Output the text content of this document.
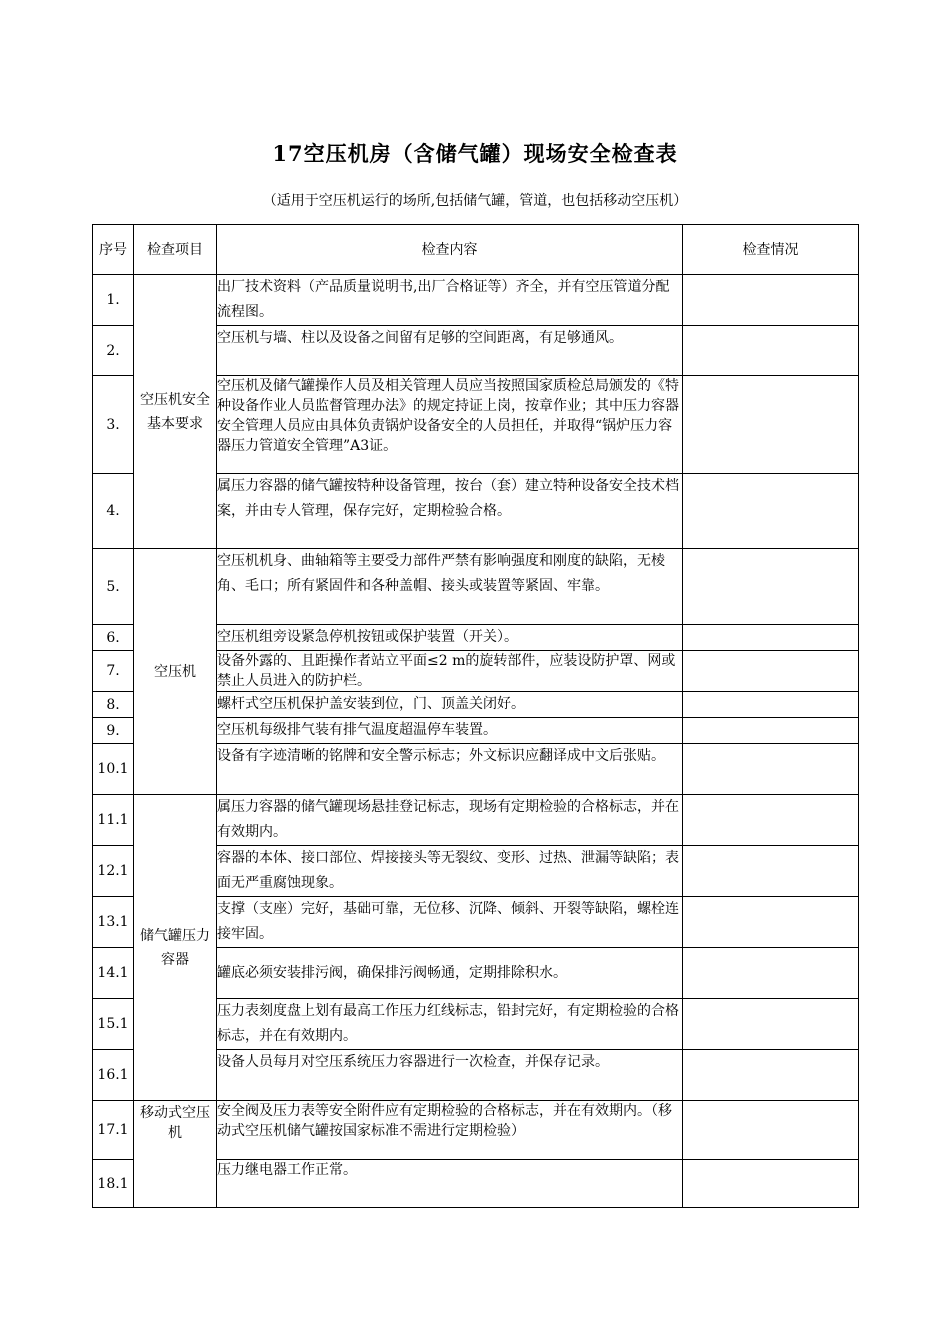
17空压机房（含储气罐）现场安全检查表
（适用于空压机运行的场所,包括储气罐，管道，也包括移动空压机）
序号	检查项目	检查内容	检查情况
1.	空压机安全基本要求	出厂技术资料（产品质量说明书,出厂合格证等）齐全，并有空压管道分配流程图。	
2.		空压机与墙、柱以及设备之间留有足够的空间距离，有足够通风。	
3.		空压机及储气罐操作人员及相关管理人员应当按照国家质检总局颁发的《特种设备作业人员监督管理办法》的规定持证上岗，按章作业；其中压力容器安全管理人员应由具体负责锅炉设备安全的人员担任，并取得“锅炉压力容器压力管道安全管理”A3证。	
4.		属压力容器的储气罐按特种设备管理，按台（套）建立特种设备安全技术档案，并由专人管理，保存完好，定期检验合格。	
5.	空压机	空压机机身、曲轴箱等主要受力部件严禁有影响强度和刚度的缺陷，无棱角、毛口；所有紧固件和各种盖帽、接头或装置等紧固、牢靠。	
6.		空压机组旁设紧急停机按钮或保护装置（开关）。	
7.		设备外露的、且距操作者站立平面≤2 m的旋转部件，应装设防护罩、网或禁止人员进入的防护栏。	
8.		螺杆式空压机保护盖安装到位，门、顶盖关闭好。	
9.		空压机每级排气装有排气温度超温停车装置。	
10.1		设备有字迹清晰的铭牌和安全警示标志；外文标识应翻译成中文后张贴。	
11.1	储气罐压力容器	属压力容器的储气罐现场悬挂登记标志，现场有定期检验的合格标志，并在有效期内。	
12.1		容器的本体、接口部位、焊接接头等无裂纹、变形、过热、泄漏等缺陷；表面无严重腐蚀现象。	
13.1		支撑（支座）完好，基础可靠，无位移、沉降、倾斜、开裂等缺陷，螺栓连接牢固。	
14.1		罐底必须安装排污阀，确保排污阀畅通，定期排除积水。	
15.1		压力表刻度盘上划有最高工作压力红线标志，铅封完好，有定期检验的合格标志，并在有效期内。	
16.1		设备人员每月对空压系统压力容器进行一次检查，并保存记录。	
17.1	移动式空压机	安全阀及压力表等安全附件应有定期检验的合格标志，并在有效期内。（移动式空压机储气罐按国家标准不需进行定期检验）	
18.1		压力继电器工作正常。	
